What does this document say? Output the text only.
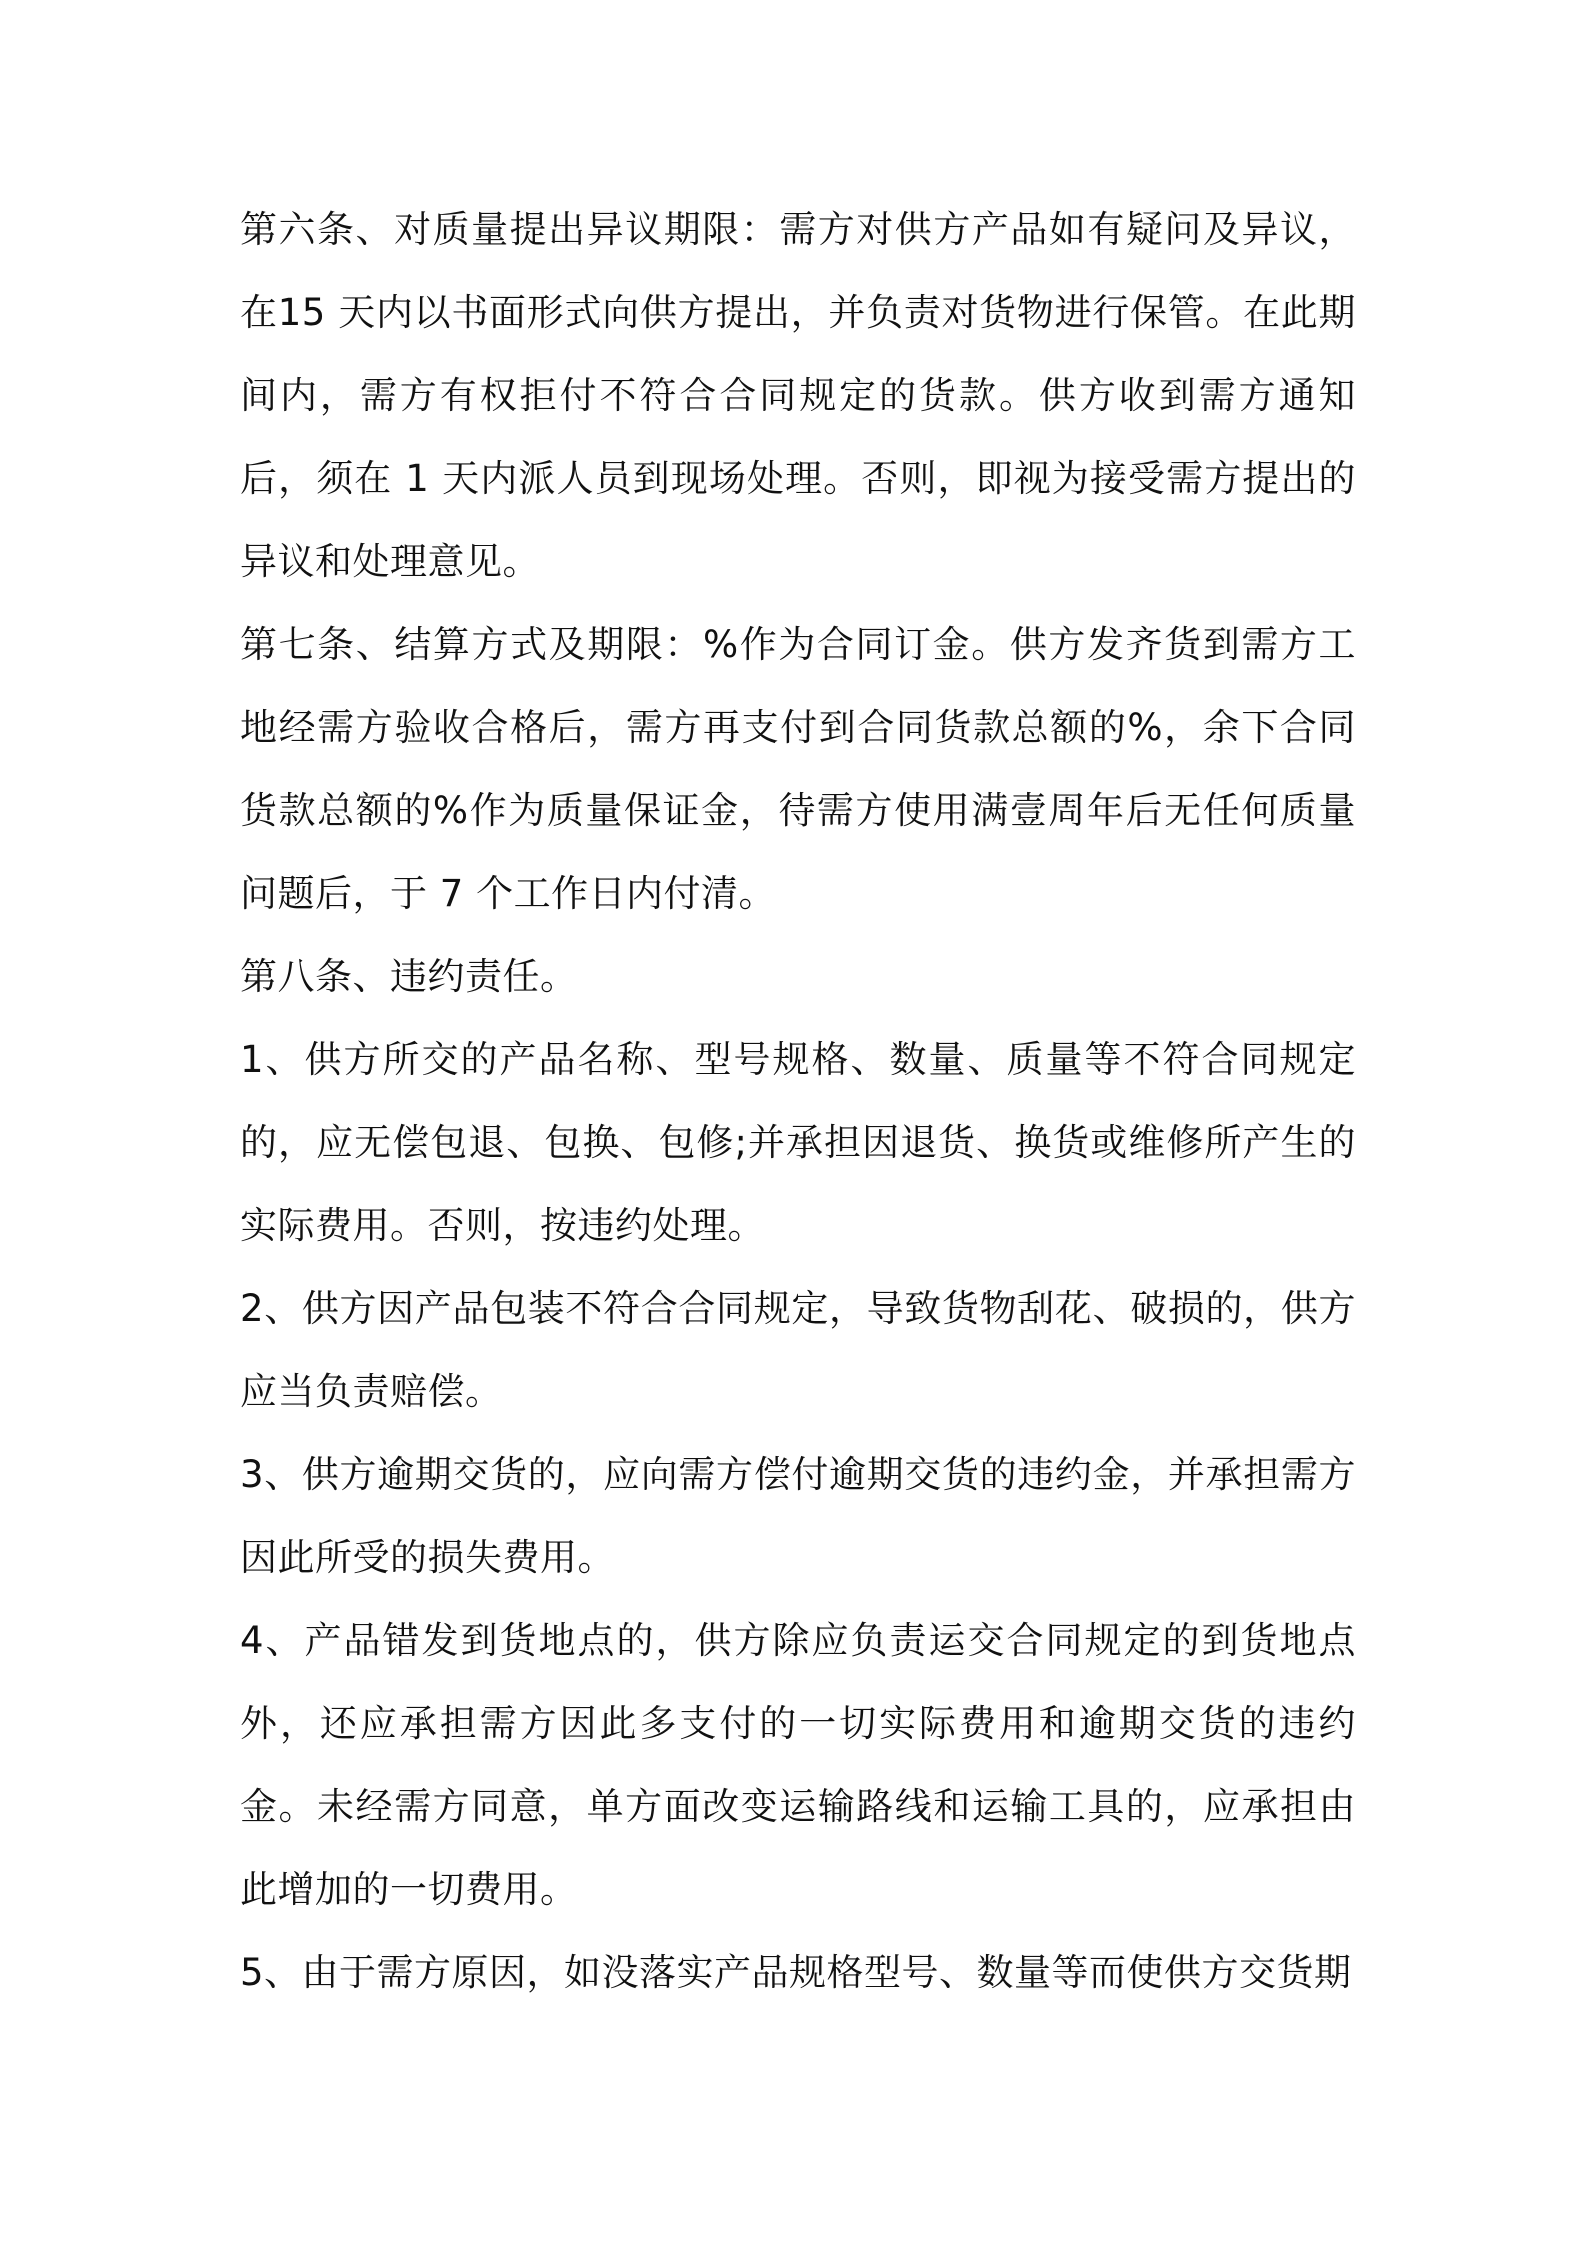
第六条、对质量提出异议期限：需方对供方产品如有疑问及异议，在15 天内以书面形式向供方提出，并负责对货物进行保管。在此期间内，需方有权拒付不符合合同规定的货款。供方收到需方通知后，须在 1 天内派人员到现场处理。否则，即视为接受需方提出的异议和处理意见。

第七条、结算方式及期限：%作为合同订金。供方发齐货到需方工地经需方验收合格后，需方再支付到合同货款总额的%，余下合同货款总额的%作为质量保证金，待需方使用满壹周年后无任何质量问题后，于 7 个工作日内付清。

第八条、违约责任。

1、供方所交的产品名称、型号规格、数量、质量等不符合同规定的，应无偿包退、包换、包修;并承担因退货、换货或维修所产生的实际费用。否则，按违约处理。

2、供方因产品包装不符合合同规定，导致货物刮花、破损的，供方应当负责赔偿。

3、供方逾期交货的，应向需方偿付逾期交货的违约金，并承担需方因此所受的损失费用。

4、产品错发到货地点的，供方除应负责运交合同规定的到货地点外，还应承担需方因此多支付的一切实际费用和逾期交货的违约金。未经需方同意，单方面改变运输路线和运输工具的，应承担由此增加的一切费用。

5、由于需方原因，如没落实产品规格型号、数量等而使供方交货期
